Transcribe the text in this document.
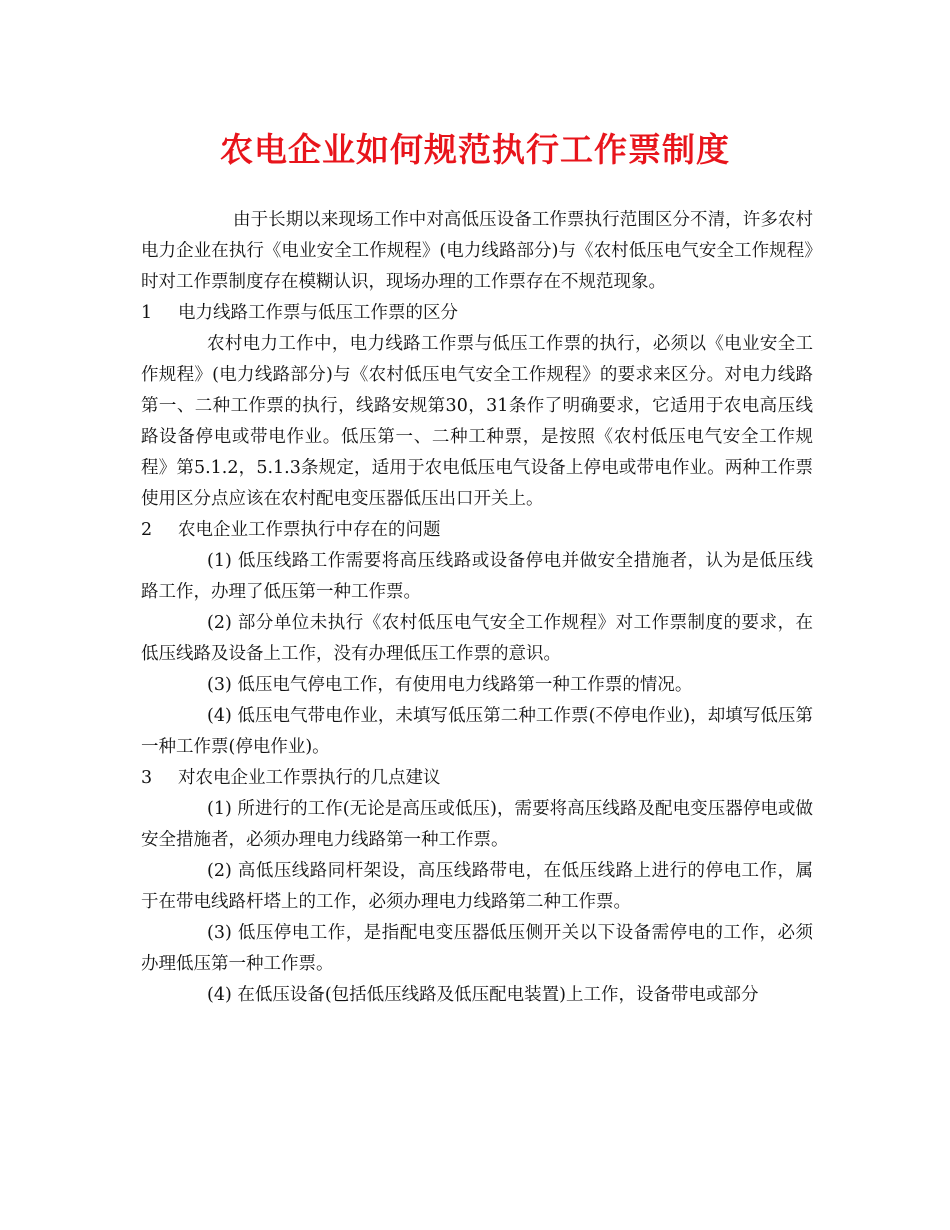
农电企业如何规范执行工作票制度

由于长期以来现场工作中对高低压设备工作票执行范围区分不清，许多农村电力企业在执行《电业安全工作规程》(电力线路部分)与《农村低压电气安全工作规程》时对工作票制度存在模糊认识，现场办理的工作票存在不规范现象。

1 电力线路工作票与低压工作票的区分

农村电力工作中，电力线路工作票与低压工作票的执行，必须以《电业安全工作规程》(电力线路部分)与《农村低压电气安全工作规程》的要求来区分。对电力线路第一、二种工作票的执行，线路安规第30，31条作了明确要求，它适用于农电高压线路设备停电或带电作业。低压第一、二种工种票，是按照《农村低压电气安全工作规程》第5.1.2，5.1.3条规定，适用于农电低压电气设备上停电或带电作业。两种工作票使用区分点应该在农村配电变压器低压出口开关上。

2 农电企业工作票执行中存在的问题

(1) 低压线路工作需要将高压线路或设备停电并做安全措施者，认为是低压线路工作，办理了低压第一种工作票。

(2) 部分单位未执行《农村低压电气安全工作规程》对工作票制度的要求，在低压线路及设备上工作，没有办理低压工作票的意识。

(3) 低压电气停电工作，有使用电力线路第一种工作票的情况。

(4) 低压电气带电作业，未填写低压第二种工作票(不停电作业)，却填写低压第一种工作票(停电作业)。

3 对农电企业工作票执行的几点建议

(1) 所进行的工作(无论是高压或低压)，需要将高压线路及配电变压器停电或做安全措施者，必须办理电力线路第一种工作票。

(2) 高低压线路同杆架设，高压线路带电，在低压线路上进行的停电工作，属于在带电线路杆塔上的工作，必须办理电力线路第二种工作票。

(3) 低压停电工作，是指配电变压器低压侧开关以下设备需停电的工作，必须办理低压第一种工作票。

(4) 在低压设备(包括低压线路及低压配电装置)上工作，设备带电或部分
